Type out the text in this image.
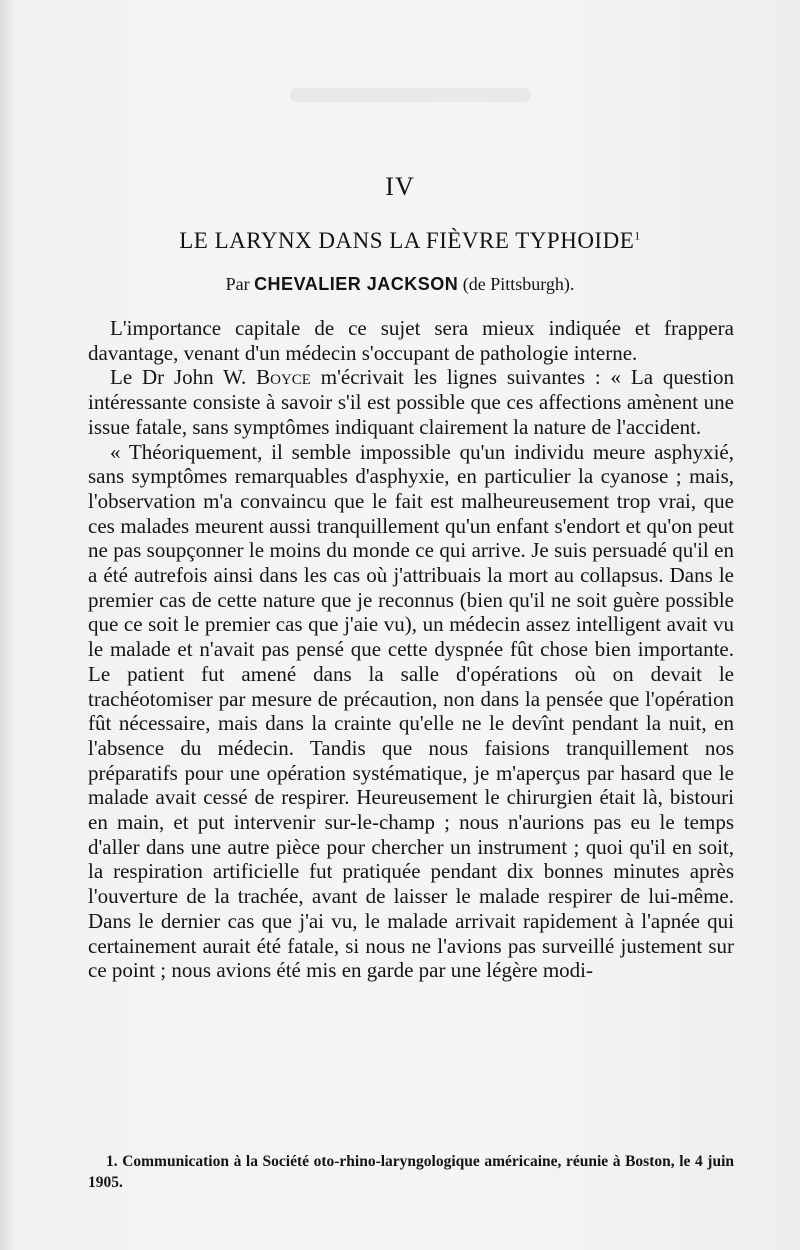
IV
LE LARYNX DANS LA FIÈVRE TYPHOIDE$^1$
Par CHEVALIER JACKSON (de Pittsburgh).

L'importance capitale de ce sujet sera mieux indiquée et frappera davantage, venant d'un médecin s'occupant de pathologie interne.

Le Dr John W. Boyce m'écrivait les lignes suivantes : « La question intéressante consiste à savoir s'il est possible que ces affections amènent une issue fatale, sans symptômes indiquant clairement la nature de l'accident.

« Théoriquement, il semble impossible qu'un individu meure asphyxié, sans symptômes remarquables d'asphyxie, en particulier la cyanose ; mais, l'observation m'a convaincu que le fait est malheureusement trop vrai, que ces malades meurent aussi tranquillement qu'un enfant s'endort et qu'on peut ne pas soupçonner le moins du monde ce qui arrive. Je suis persuadé qu'il en a été autrefois ainsi dans les cas où j'attribuais la mort au collapsus. Dans le premier cas de cette nature que je reconnus (bien qu'il ne soit guère possible que ce soit le premier cas que j'aie vu), un médecin assez intelligent avait vu le malade et n'avait pas pensé que cette dyspnée fût chose bien importante. Le patient fut amené dans la salle d'opérations où on devait le trachéotomiser par mesure de précaution, non dans la pensée que l'opération fût nécessaire, mais dans la crainte qu'elle ne le devînt pendant la nuit, en l'absence du médecin. Tandis que nous faisions tranquillement nos préparatifs pour une opération systématique, je m'aperçus par hasard que le malade avait cessé de respirer. Heureusement le chirurgien était là, bistouri en main, et put intervenir sur-le-champ ; nous n'aurions pas eu le temps d'aller dans une autre pièce pour chercher un instrument ; quoi qu'il en soit, la respiration artificielle fut pratiquée pendant dix bonnes minutes après l'ouverture de la trachée, avant de laisser le malade respirer de lui-même. Dans le dernier cas que j'ai vu, le malade arrivait rapidement à l'apnée qui certainement aurait été fatale, si nous ne l'avions pas surveillé justement sur ce point ; nous avions été mis en garde par une légère modi-

1. Communication à la Société oto-rhino-laryngologique américaine, réunie à Boston, le 4 juin 1905.
